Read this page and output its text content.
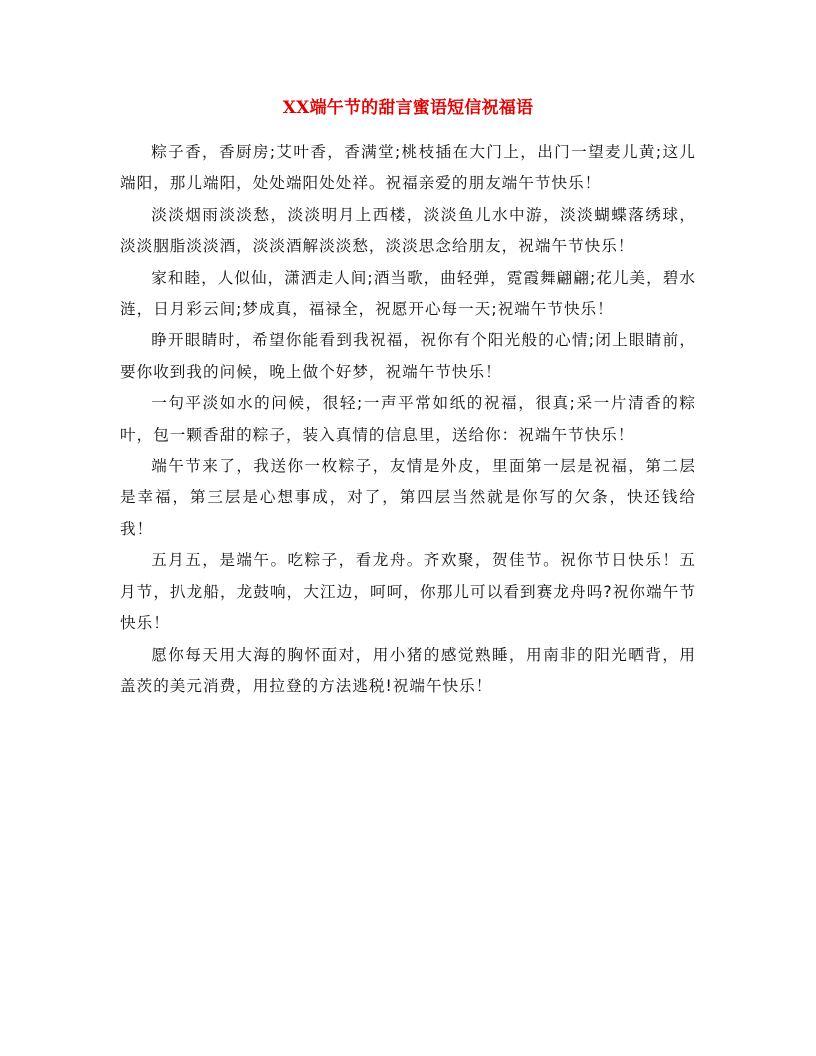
XX端午节的甜言蜜语短信祝福语

粽子香，香厨房;艾叶香，香满堂;桃枝插在大门上，出门一望麦儿黄;这儿端阳，那儿端阳，处处端阳处处祥。祝福亲爱的朋友端午节快乐！

淡淡烟雨淡淡愁，淡淡明月上西楼，淡淡鱼儿水中游，淡淡蝴蝶落绣球，淡淡胭脂淡淡酒，淡淡酒解淡淡愁，淡淡思念给朋友，祝端午节快乐！

家和睦，人似仙，潇洒走人间;酒当歌，曲轻弹，霓霞舞翩翩;花儿美，碧水涟，日月彩云间;梦成真，福禄全，祝愿开心每一天;祝端午节快乐！

睁开眼睛时，希望你能看到我祝福，祝你有个阳光般的心情;闭上眼睛前，要你收到我的问候，晚上做个好梦，祝端午节快乐！

一句平淡如水的问候，很轻;一声平常如纸的祝福，很真;采一片清香的粽叶，包一颗香甜的粽子，装入真情的信息里，送给你：祝端午节快乐！

端午节来了，我送你一枚粽子，友情是外皮，里面第一层是祝福，第二层是幸福，第三层是心想事成，对了，第四层当然就是你写的欠条，快还钱给我！

五月五，是端午。吃粽子，看龙舟。齐欢聚，贺佳节。祝你节日快乐！五月节，扒龙船，龙鼓响，大江边，呵呵，你那儿可以看到赛龙舟吗?祝你端午节快乐！

愿你每天用大海的胸怀面对，用小猪的感觉熟睡，用南非的阳光晒背，用盖茨的美元消费，用拉登的方法逃税!祝端午快乐！
